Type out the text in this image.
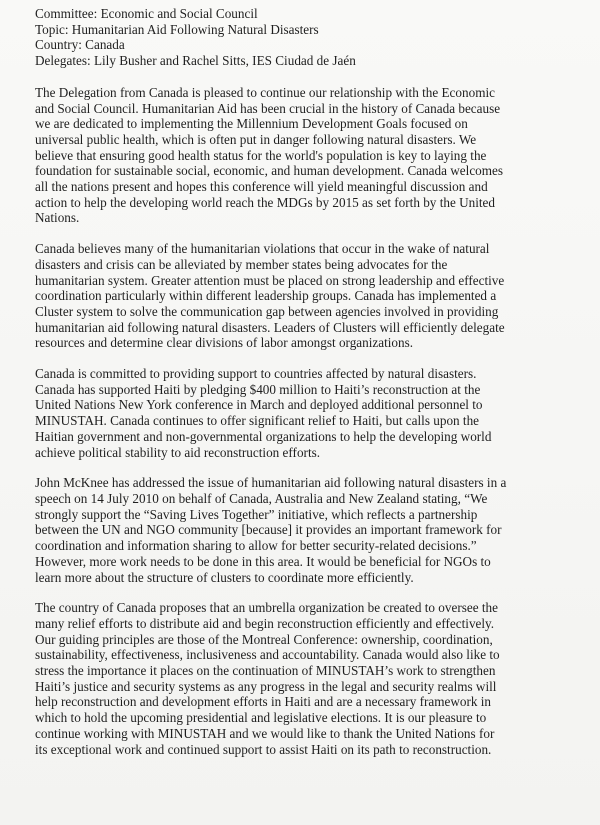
Committee: Economic and Social Council
Topic: Humanitarian Aid Following Natural Disasters
Country: Canada
Delegates: Lily Busher and Rachel Sitts, IES Ciudad de Jaén
The Delegation from Canada is pleased to continue our relationship with the Economic
and Social Council. Humanitarian Aid has been crucial in the history of Canada because
we are dedicated to implementing the Millennium Development Goals focused on
universal public health, which is often put in danger following natural disasters. We
believe that ensuring good health status for the world's population is key to laying the
foundation for sustainable social, economic, and human development. Canada welcomes
all the nations present and hopes this conference will yield meaningful discussion and
action to help the developing world reach the MDGs by 2015 as set forth by the United
Nations.
Canada believes many of the humanitarian violations that occur in the wake of natural
disasters and crisis can be alleviated by member states being advocates for the
humanitarian system. Greater attention must be placed on strong leadership and effective
coordination particularly within different leadership groups. Canada has implemented a
Cluster system to solve the communication gap between agencies involved in providing
humanitarian aid following natural disasters. Leaders of Clusters will efficiently delegate
resources and determine clear divisions of labor amongst organizations.
Canada is committed to providing support to countries affected by natural disasters.
Canada has supported Haiti by pledging $400 million to Haiti’s reconstruction at the
United Nations New York conference in March and deployed additional personnel to
MINUSTAH. Canada continues to offer significant relief to Haiti, but calls upon the
Haitian government and non-governmental organizations to help the developing world
achieve political stability to aid reconstruction efforts.
John McKnee has addressed the issue of humanitarian aid following natural disasters in a
speech on 14 July 2010 on behalf of Canada, Australia and New Zealand stating, “We
strongly support the “Saving Lives Together” initiative, which reflects a partnership
between the UN and NGO community [because] it provides an important framework for
coordination and information sharing to allow for better security-related decisions.”
However, more work needs to be done in this area. It would be beneficial for NGOs to
learn more about the structure of clusters to coordinate more efficiently.
The country of Canada proposes that an umbrella organization be created to oversee the
many relief efforts to distribute aid and begin reconstruction efficiently and effectively.
Our guiding principles are those of the Montreal Conference: ownership, coordination,
sustainability, effectiveness, inclusiveness and accountability. Canada would also like to
stress the importance it places on the continuation of MINUSTAH’s work to strengthen
Haiti’s justice and security systems as any progress in the legal and security realms will
help reconstruction and development efforts in Haiti and are a necessary framework in
which to hold the upcoming presidential and legislative elections. It is our pleasure to
continue working with MINUSTAH and we would like to thank the United Nations for
its exceptional work and continued support to assist Haiti on its path to reconstruction.
